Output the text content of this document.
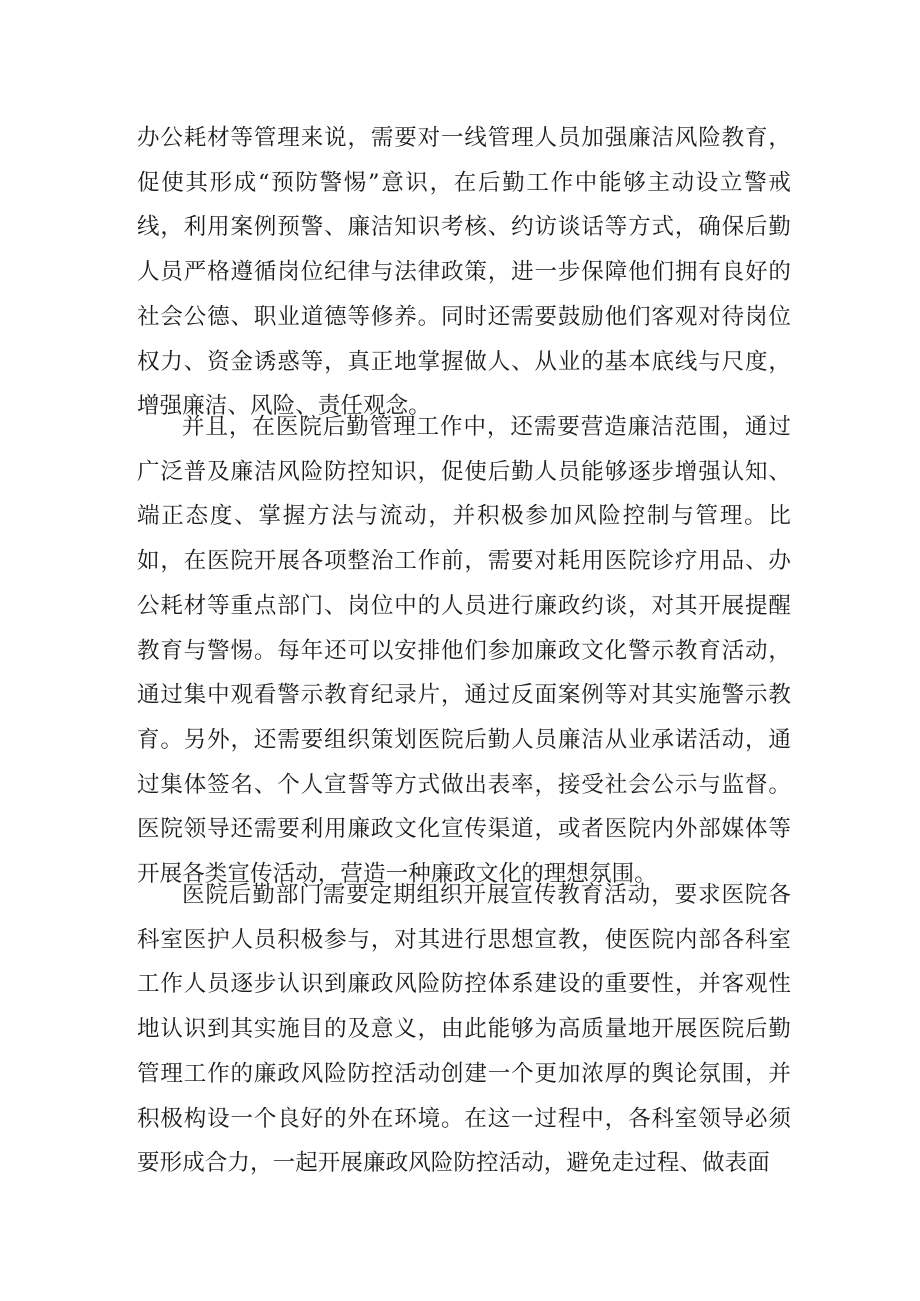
办公耗材等管理来说，需要对一线管理人员加强廉洁风险教育，促使其形成“预防警惕”意识，在后勤工作中能够主动设立警戒线，利用案例预警、廉洁知识考核、约访谈话等方式，确保后勤人员严格遵循岗位纪律与法律政策，进一步保障他们拥有良好的社会公德、职业道德等修养。同时还需要鼓励他们客观对待岗位权力、资金诱惑等，真正地掌握做人、从业的基本底线与尺度，增强廉洁、风险、责任观念。

并且，在医院后勤管理工作中，还需要营造廉洁范围，通过广泛普及廉洁风险防控知识，促使后勤人员能够逐步增强认知、端正态度、掌握方法与流动，并积极参加风险控制与管理。比如，在医院开展各项整治工作前，需要对耗用医院诊疗用品、办公耗材等重点部门、岗位中的人员进行廉政约谈，对其开展提醒教育与警惕。每年还可以安排他们参加廉政文化警示教育活动，通过集中观看警示教育纪录片，通过反面案例等对其实施警示教育。另外，还需要组织策划医院后勤人员廉洁从业承诺活动，通过集体签名、个人宣誓等方式做出表率，接受社会公示与监督。医院领导还需要利用廉政文化宣传渠道，或者医院内外部媒体等开展各类宣传活动，营造一种廉政文化的理想氛围。

医院后勤部门需要定期组织开展宣传教育活动，要求医院各科室医护人员积极参与，对其进行思想宣教，使医院内部各科室工作人员逐步认识到廉政风险防控体系建设的重要性，并客观性地认识到其实施目的及意义，由此能够为高质量地开展医院后勤管理工作的廉政风险防控活动创建一个更加浓厚的舆论氛围，并积极构设一个良好的外在环境。在这一过程中，各科室领导必须要形成合力，一起开展廉政风险防控活动，避免走过程、做表面
